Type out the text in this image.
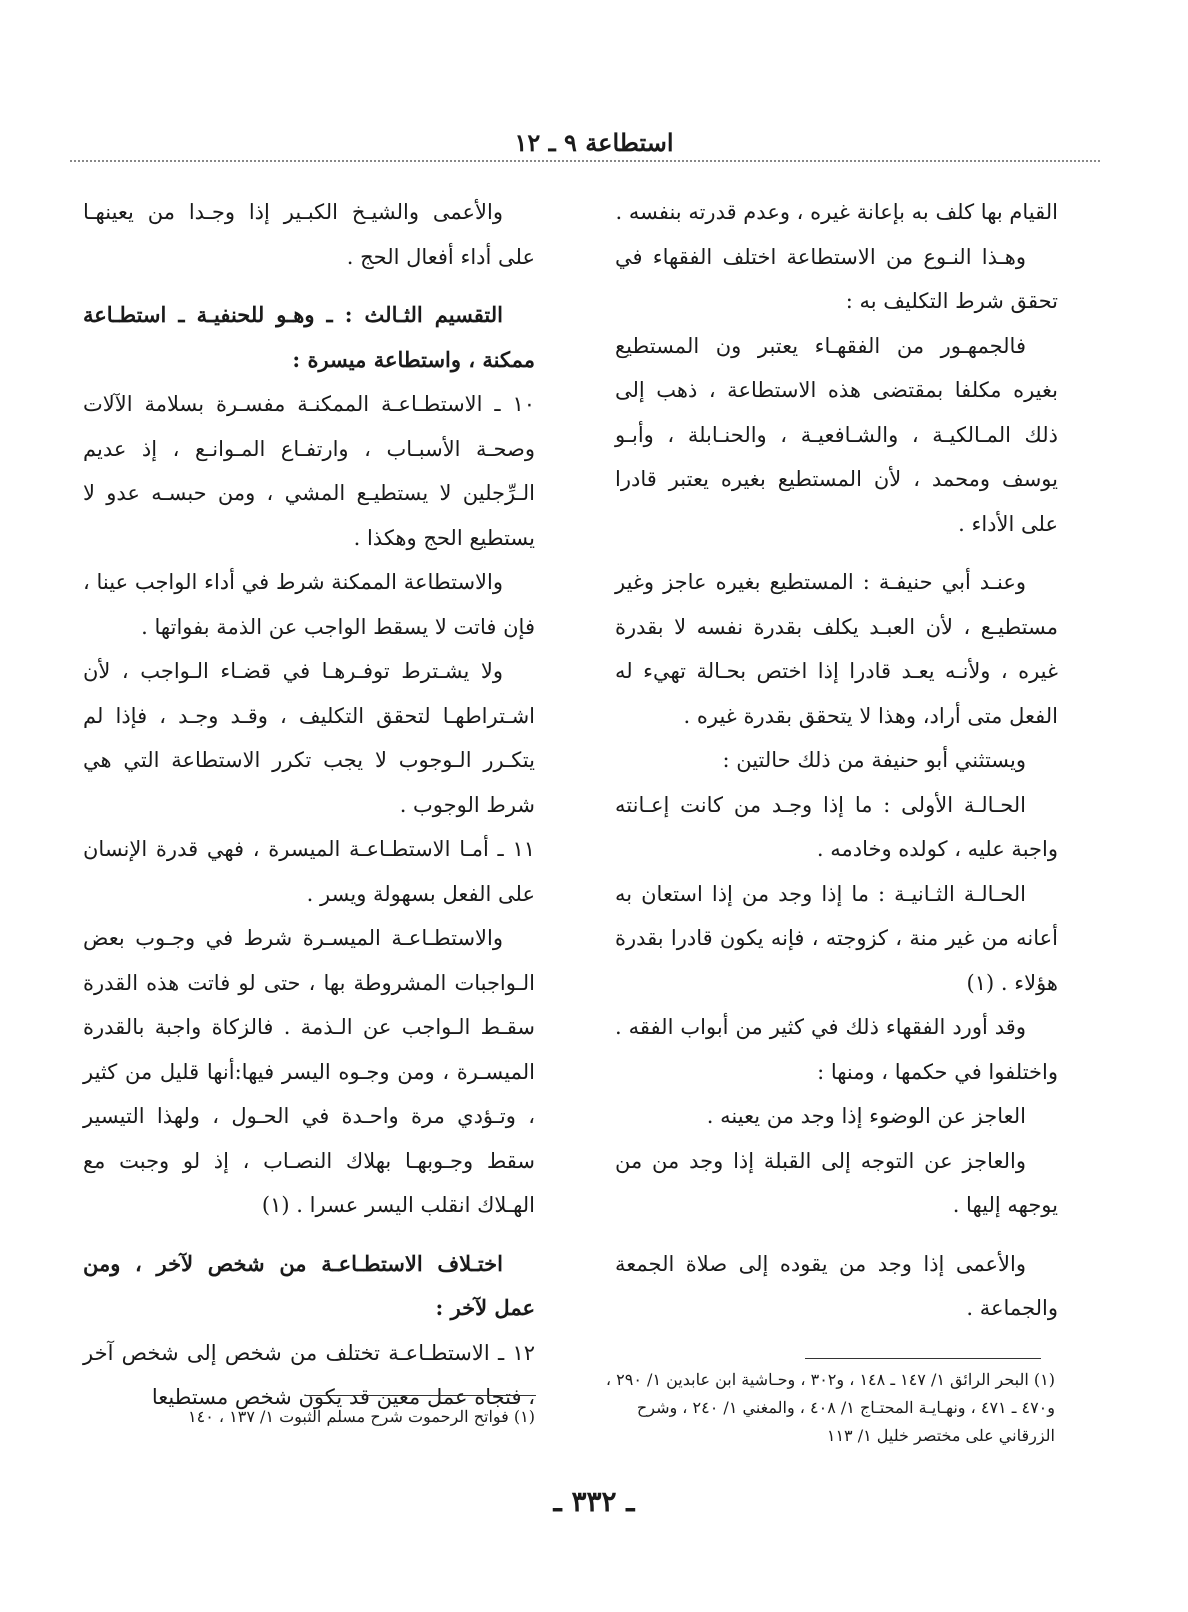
استطاعة ٩ ـ ١٢

القيام بها كلف به بإعانة غيره ، وعدم قدرته بنفسه .

وهـذا النـوع من الاستطاعة اختلف الفقهاء في تحقق شرط التكليف به :

فالجمهـور من الفقهـاء يعتبر ون المستطيع بغيره مكلفا بمقتضى هذه الاستطاعة ، ذهب إلى ذلك المـالكيـة ، والشـافعيـة ، والحنـابلة ، وأبـو يوسف ومحمد ، لأن المستطيع بغيره يعتبر قادرا على الأداء .

وعنـد أبي حنيفـة : المستطيع بغيره عاجز وغير مستطيـع ، لأن العبـد يكلف بقدرة نفسه لا بقدرة غيره ، ولأنـه يعـد قادرا إذا اختص بحـالة تهيء له الفعل متى أراد، وهذا لا يتحقق بقدرة غيره .

ويستثني أبو حنيفة من ذلك حالتين :

الحـالـة الأولى : ما إذا وجـد من كانت إعـانته واجبة عليه ، كولده وخادمه .

الحـالـة الثـانيـة : ما إذا وجد من إذا استعان به أعانه من غير منة ، كزوجته ، فإنه يكون قادرا بقدرة هؤلاء . (١)

وقد أورد الفقهاء ذلك في كثير من أبواب الفقه . واختلفوا في حكمها ، ومنها :

العاجز عن الوضوء إذا وجد من يعينه .

والعاجز عن التوجه إلى القبلة إذا وجد من من يوجهه إليها .

والأعمى إذا وجد من يقوده إلى صلاة الجمعة والجماعة .

والأعمى والشيـخ الكبـير إذا وجـدا من يعينهـا على أداء أفعال الحج .

التقسيم الثـالث : ـ وهـو للحنفيـة ـ استطـاعة ممكنة ، واستطاعة ميسرة :

١٠ ـ الاستطـاعـة الممكنـة مفسـرة بسلامة الآلات وصحـة الأسبـاب ، وارتفـاع المـوانـع ، إذ عديم الـرِّجلين لا يستطيـع المشي ، ومن حبسـه عدو لا يستطيع الحج وهكذا .

والاستطاعة الممكنة شرط في أداء الواجب عينا ، فإن فاتت لا يسقط الواجب عن الذمة بفواتها .

ولا يشـترط توفـرهـا في قضـاء الـواجب ، لأن اشـتراطهـا لتحقق التكليف ، وقـد وجـد ، فإذا لم يتكـرر الـوجوب لا يجب تكرر الاستطاعة التي هي شرط الوجوب .

١١ ـ أمـا الاستطـاعـة الميسرة ، فهي قدرة الإنسان على الفعل بسهولة ويسر .

والاستطـاعـة الميسـرة شرط في وجـوب بعض الـواجبات المشروطة بها ، حتى لو فاتت هذه القدرة سقـط الـواجب عن الـذمة . فالزكاة واجبة بالقدرة الميسـرة ، ومن وجـوه اليسر فيها:أنها قليل من كثير ، وتـؤدي مرة واحـدة في الحـول ، ولهذا التيسير سقط وجـوبهـا بهلاك النصـاب ، إذ لو وجبت مع الهـلاك انقلب اليسر عسرا . (١)

اختـلاف الاستطـاعـة من شخص لآخر ، ومن عمل لآخر :

١٢ ـ الاستطـاعـة تختلف من شخص إلى شخص آخر ، فتجاه عمل معين قد يكون شخص مستطيعا

(١) البحر الرائق ١/ ١٤٧ ـ ١٤٨ ، و٣٠٢ ، وحـاشية ابن عابدين ١/ ٢٩٠ ، و٤٧٠ ـ ٤٧١ ، ونهـايـة المحتـاج ١/ ٤٠٨ ، والمغني ١/ ٢٤٠ ، وشرح الزرقاني على مختصر خليل ١/ ١١٣
(١) فواتح الرحموت شرح مسلم الثبوت ١/ ١٣٧ ، ١٤٠
ـ ٣٣٢ ـ
